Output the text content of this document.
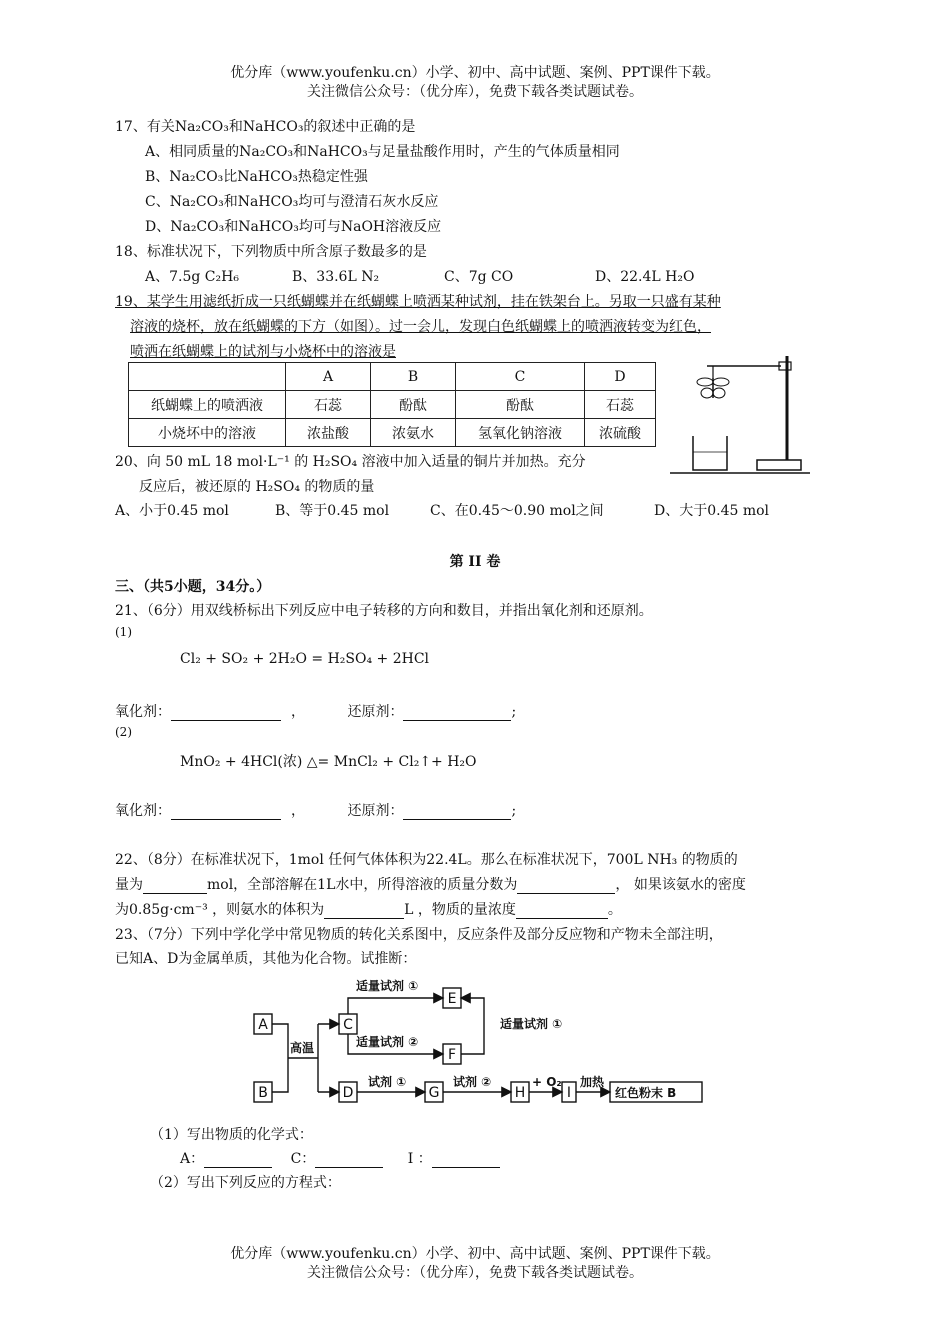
优分库（www.youfenku.cn）小学、初中、高中试题、案例、PPT课件下载。
关注微信公众号：（优分库），免费下载各类试题试卷。
17、有关Na₂CO₃和NaHCO₃的叙述中正确的是
A、相同质量的Na₂CO₃和NaHCO₃与足量盐酸作用时，产生的气体质量相同
B、Na₂CO₃比NaHCO₃热稳定性强
C、Na₂CO₃和NaHCO₃均可与澄清石灰水反应
D、Na₂CO₃和NaHCO₃均可与NaOH溶液反应
18、标准状况下，下列物质中所含原子数最多的是
A、7.5g C₂H₆	B、33.6L N₂	C、7g CO	D、22.4L H₂O
19、某学生用滤纸折成一只纸蝴蝶并在纸蝴蝶上喷洒某种试剂，挂在铁架台上。另取一只盛有某种
溶液的烧杯，放在纸蝴蝶的下方（如图）。过一会儿，发现白色纸蝴蝶上的喷洒液转变为红色，
喷洒在纸蝴蝶上的试剂与小烧杯中的溶液是
	A	B	C	D
纸蝴蝶上的喷洒液	石蕊	酚酞	酚酞	石蕊
小烧坏中的溶液	浓盐酸	浓氨水	氢氧化钠溶液	浓硫酸
20、向 50 mL 18 mol·L⁻¹ 的 H₂SO₄ 溶液中加入适量的铜片并加热。充分
反应后，被还原的 H₂SO₄ 的物质的量
A、小于0.45 mol	B、等于0.45 mol	C、在0.45～0.90 mol之间	D、大于0.45 mol
第 II 卷
三、（共5小题，34分。）
21、（6分）用双线桥标出下列反应中电子转移的方向和数目，并指出氧化剂和还原剂。
(1)
Cl₂ + SO₂ + 2H₂O = H₂SO₄ + 2HCl
氧化剂：	，	还原剂：	;
(2)
MnO₂ + 4HCl(浓) △= MnCl₂ + Cl₂↑+ H₂O
氧化剂：	，	还原剂：	;
22、（8分）在标准状况下，1mol 任何气体体积为22.4L。那么在标准状况下，700L NH₃ 的物质的
量为	mol，全部溶解在1L水中，所得溶液的质量分数为	， 如果该氨水的密度
为0.85g·cm⁻³ ，则氨水的体积为	L ，物质的量浓度	。
23、（7分）下列中学化学中常见物质的转化关系图中，反应条件及部分反应物和产物未全部注明，
已知A、D为金属单质，其他为化合物。试推断：
A
B
C
D
E
F
G	H	I
高温
适量试剂 ①
适量试剂 ②
适量试剂 ①
试剂 ①	试剂 ②	+ O₂ 加热
红色粉末 B
（1）写出物质的化学式：
A：	C：	I ：
（2）写出下列反应的方程式：
优分库（www.youfenku.cn）小学、初中、高中试题、案例、PPT课件下载。
关注微信公众号：（优分库），免费下载各类试题试卷。
